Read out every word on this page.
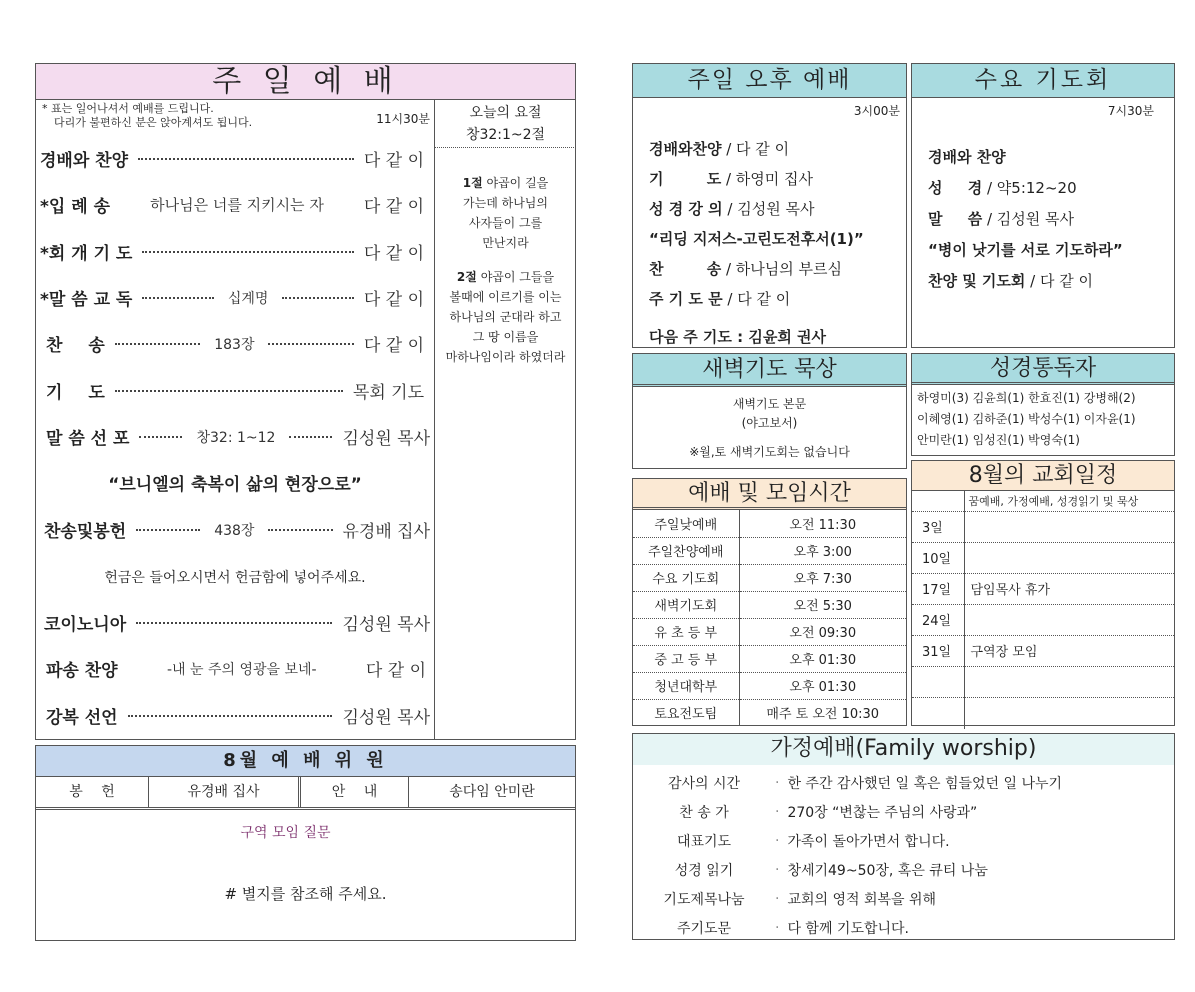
주 일 예 배
* 표는 일어나셔서 예배를 드립니다.
다리가 불편하신 분은 앉아계셔도 됩니다.	11시30분	오늘의 요절
창32:1~2절
1절 야곱이 길을
가는데 하나님의
사자들이 그를
만난지라
2절 야곱이 그들을
볼때에 이르기를 이는
하나님의 군대라 하고
그 땅 이름을
마하나임이라 하였더라
경배와 찬양	다 같 이
*입 례 송	하나님은 너를 지키시는 자	다 같 이
*회 개 기 도	다 같 이
*말 씀 교 독	십계명	다 같 이
찬 송	183장	다 같 이
기 도	목회 기도
말 씀 선 포	창32: 1~12	김성원 목사
“브니엘의 축복이 삶의 현장으로”
찬송및봉헌	438장	유경배 집사
헌금은 들어오시면서 헌금함에 넣어주세요.
코이노니아	김성원 목사
파송 찬양	-내 눈 주의 영광을 보네-	다 같 이
강복 선언	김성원 목사
8월 예 배 위 원
봉 헌	유경배 집사	안 내	송다임 안미란
구역 모임 질문
# 별지를 참조해 주세요.
주일 오후 예배
3시00분
경배와찬양 / 다 같 이
기 도 / 하영미 집사
성 경 강 의 / 김성원 목사
“리딩 지저스-고린도전후서(1)”
찬 송 / 하나님의 부르심
주 기 도 문 / 다 같 이
다음 주 기도 : 김윤희 권사
수요 기도회
7시30분
경배와 찬양
성 경 / 약5:12~20
말 씀 / 김성원 목사
“병이 낫기를 서로 기도하라”
찬양 및 기도회 / 다 같 이
새벽기도 묵상
새벽기도 본문
(야고보서)
※월,토 새벽기도회는 없습니다
성경통독자
하영미(3) 김윤희(1) 한효진(1) 강병해(2)
이혜영(1) 김하준(1) 박성수(1) 이자윤(1)
안미란(1) 임성진(1) 박영숙(1)
예배 및 모임시간
주일낮예배	오전 11:30
주일찬양예배	오후 3:00
수요 기도회	오후 7:30
새벽기도회	오전 5:30
유 초 등 부	오전 09:30
중 고 등 부	오후 01:30
청년대학부	오후 01:30
토요전도팀	매주 토 오전 10:30
8월의 교회일정
	꿈예배, 가정예배, 성경읽기 및 묵상
3일	
10일	
17일	담임목사 휴가
24일	
31일	구역장 모임

가정예배(Family worship)
감사의 시간	· 한 주간 감사했던 일 혹은 힘들었던 일 나누기
찬 송 가	· 270장 “변찮는 주님의 사랑과”
대표기도	· 가족이 돌아가면서 합니다.
성경 읽기	· 창세기49~50장, 혹은 큐티 나눔
기도제목나눔	· 교회의 영적 회복을 위해
주기도문	· 다 함께 기도합니다.
